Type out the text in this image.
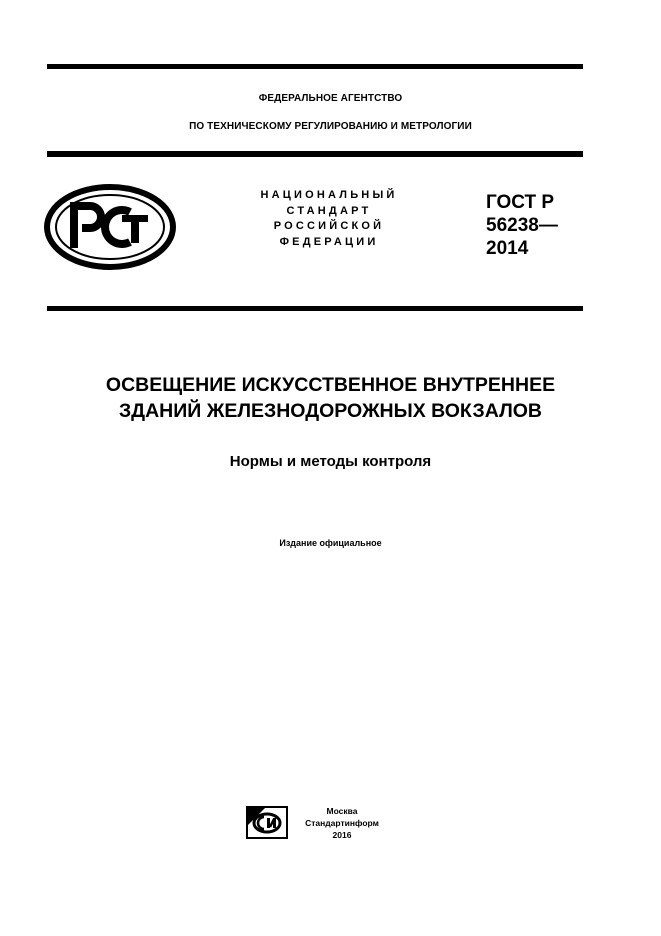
ФЕДЕРАЛЬНОЕ АГЕНТСТВО
ПО ТЕХНИЧЕСКОМУ РЕГУЛИРОВАНИЮ И МЕТРОЛОГИИ
НАЦИОНАЛЬНЫЙ
СТАНДАРТ
РОССИЙСКОЙ
ФЕДЕРАЦИИ
ГОСТ Р
56238—
2014
ОСВЕЩЕНИЕ ИСКУССТВЕННОЕ ВНУТРЕННЕЕ
ЗДАНИЙ ЖЕЛЕЗНОДОРОЖНЫХ ВОКЗАЛОВ
Нормы и методы контроля
Издание официальное
Москва
Стандартинформ
2016
